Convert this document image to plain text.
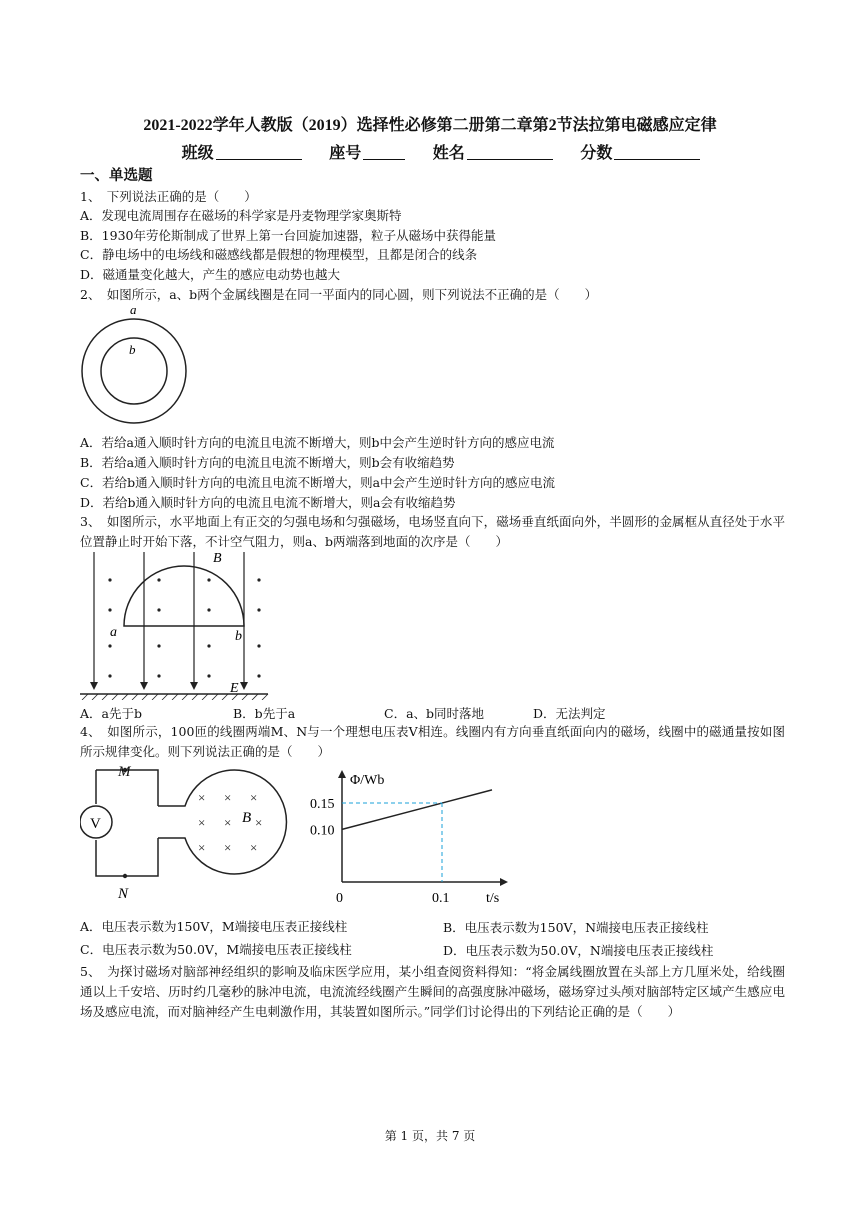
2021-2022学年人教版（2019）选择性必修第二册第二章第2节法拉第电磁感应定律
班级	座号	姓名	分数
一、单选题
1、　下列说法正确的是（　　）
A．发现电流周围存在磁场的科学家是丹麦物理学家奥斯特
B．1930年劳伦斯制成了世界上第一台回旋加速器，粒子从磁场中获得能量
C．静电场中的电场线和磁感线都是假想的物理模型，且都是闭合的线条
D．磁通量变化越大，产生的感应电动势也越大
2、　如图所示，a、b两个金属线圈是在同一平面内的同心圆，则下列说法不正确的是（　　）
a
b
A．若给a通入顺时针方向的电流且电流不断增大，则b中会产生逆时针方向的感应电流
B．若给a通入顺时针方向的电流且电流不断增大，则b会有收缩趋势
C．若给b通入顺时针方向的电流且电流不断增大，则a中会产生逆时针方向的感应电流
D．若给b通入顺时针方向的电流且电流不断增大，则a会有收缩趋势
3、　如图所示，水平地面上有正交的匀强电场和匀强磁场，电场竖直向下，磁场垂直纸面向外，半圆形的金属框从直径处于水平位置静止时开始下落，不计空气阻力，则a、b两端落到地面的次序是（　　）
B
a	b
E
A．a先于b	B．b先于a	C．a、b同时落地	D．无法判定
4、　如图所示，100匝的线圈两端M、N与一个理想电压表V相连。线圈内有方向垂直纸面向内的磁场，线圈中的磁通量按如图所示规律变化。则下列说法正确的是（　　）
V
× × ×
× × ×
× × ×
B
N
M
0.15
0.10
0.1
0
Φ/Wb
t/s
A．电压表示数为150V，M端接电压表正接线柱	B．电压表示数为150V，N端接电压表正接线柱
C．电压表示数为50.0V，M端接电压表正接线柱	D．电压表示数为50.0V，N端接电压表正接线柱
5、　为探讨磁场对脑部神经组织的影响及临床医学应用，某小组查阅资料得知：“将金属线圈放置在头部上方几厘米处，给线圈通以上千安培、历时约几毫秒的脉冲电流，电流流经线圈产生瞬间的高强度脉冲磁场，磁场穿过头颅对脑部特定区域产生感应电场及感应电流，而对脑神经产生电刺激作用，其装置如图所示。”同学们讨论得出的下列结论正确的是（　　）
第 1 页，共 7 页
